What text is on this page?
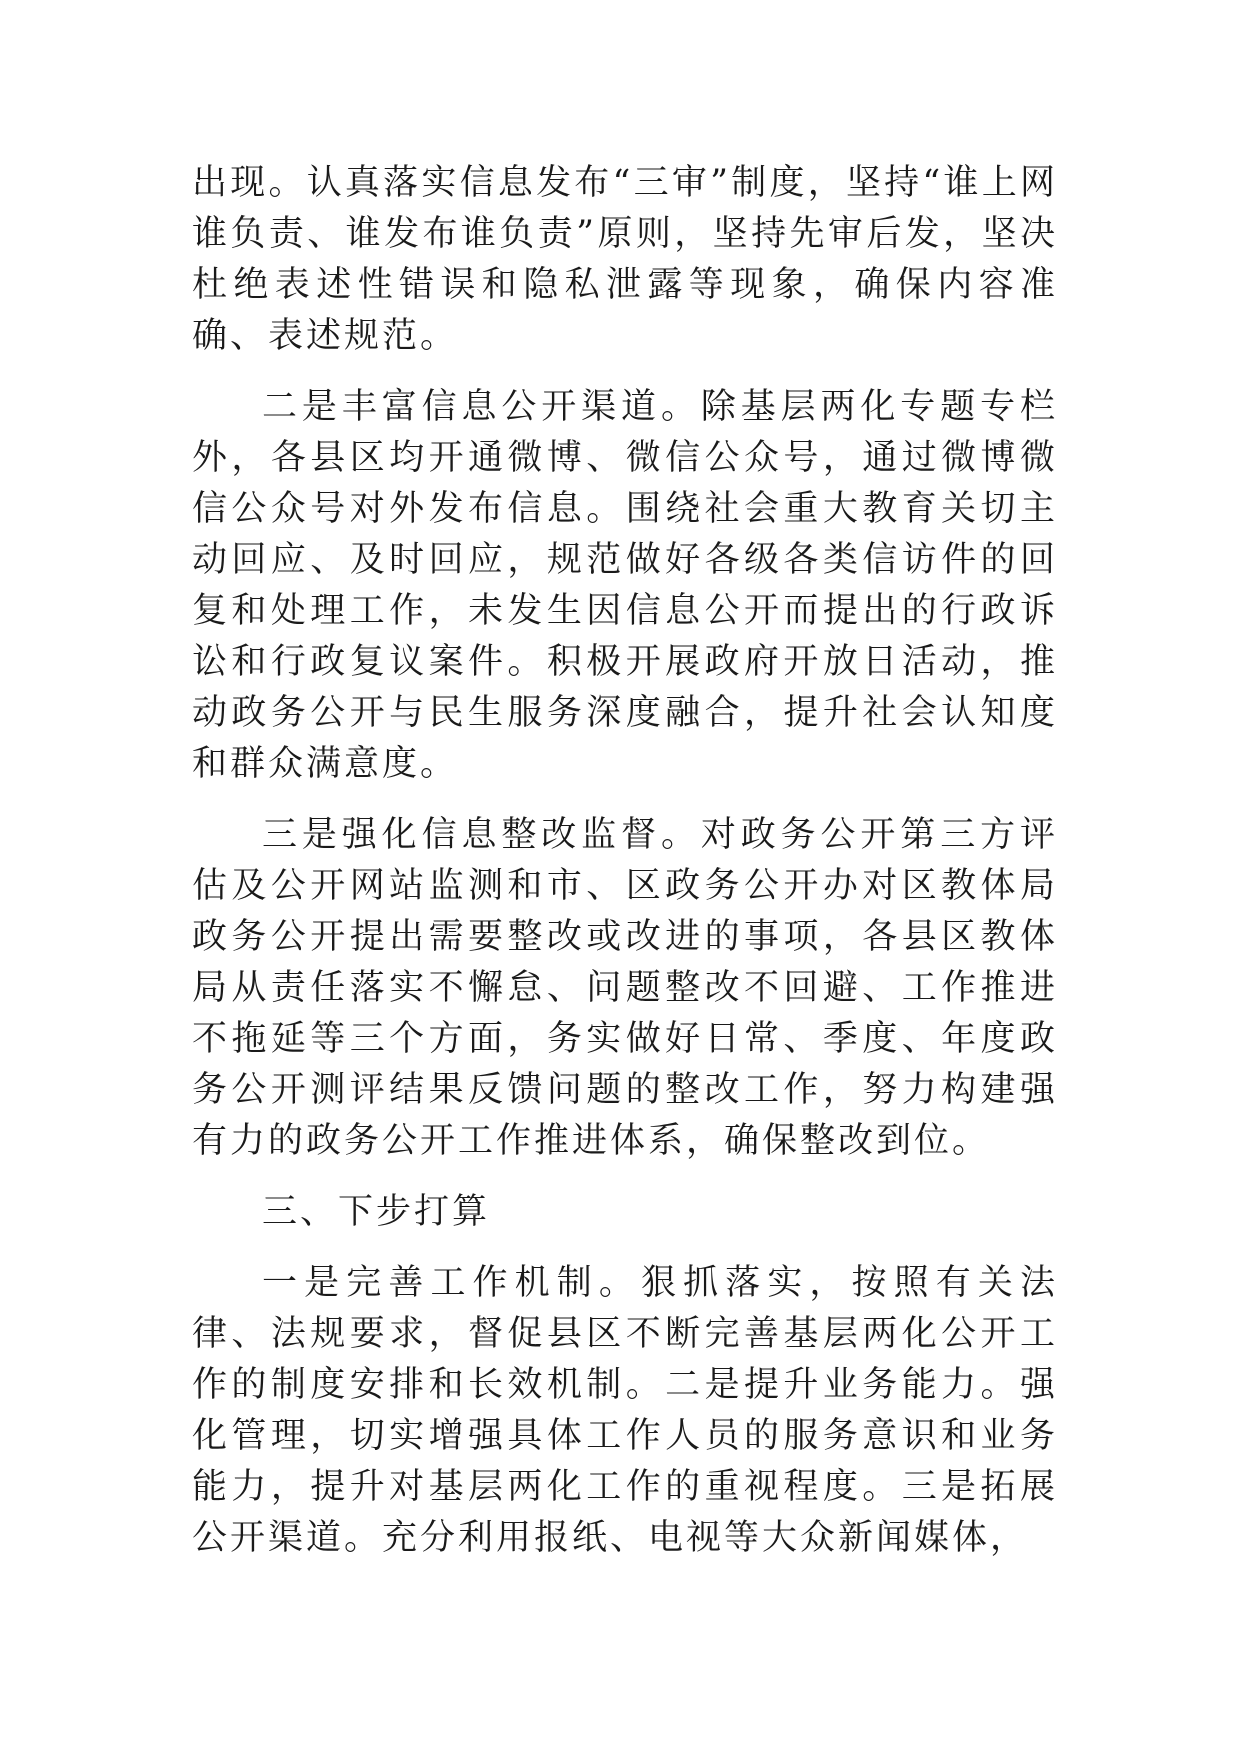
出现。认真落实信息发布“三审”制度，坚持“谁上网谁负责、谁发布谁负责”原则，坚持先审后发，坚决杜绝表述性错误和隐私泄露等现象，确保内容准确、表述规范。

二是丰富信息公开渠道。除基层两化专题专栏外，各县区均开通微博、微信公众号，通过微博微信公众号对外发布信息。围绕社会重大教育关切主动回应、及时回应，规范做好各级各类信访件的回复和处理工作，未发生因信息公开而提出的行政诉讼和行政复议案件。积极开展政府开放日活动，推动政务公开与民生服务深度融合，提升社会认知度和群众满意度。

三是强化信息整改监督。对政务公开第三方评估及公开网站监测和市、区政务公开办对区教体局政务公开提出需要整改或改进的事项，各县区教体局从责任落实不懈怠、问题整改不回避、工作推进不拖延等三个方面，务实做好日常、季度、年度政务公开测评结果反馈问题的整改工作，努力构建强有力的政务公开工作推进体系，确保整改到位。

三、下步打算

一是完善工作机制。狠抓落实，按照有关法律、法规要求，督促县区不断完善基层两化公开工作的制度安排和长效机制。二是提升业务能力。强化管理，切实增强具体工作人员的服务意识和业务能力，提升对基层两化工作的重视程度。三是拓展公开渠道。充分利用报纸、电视等大众新闻媒体，
